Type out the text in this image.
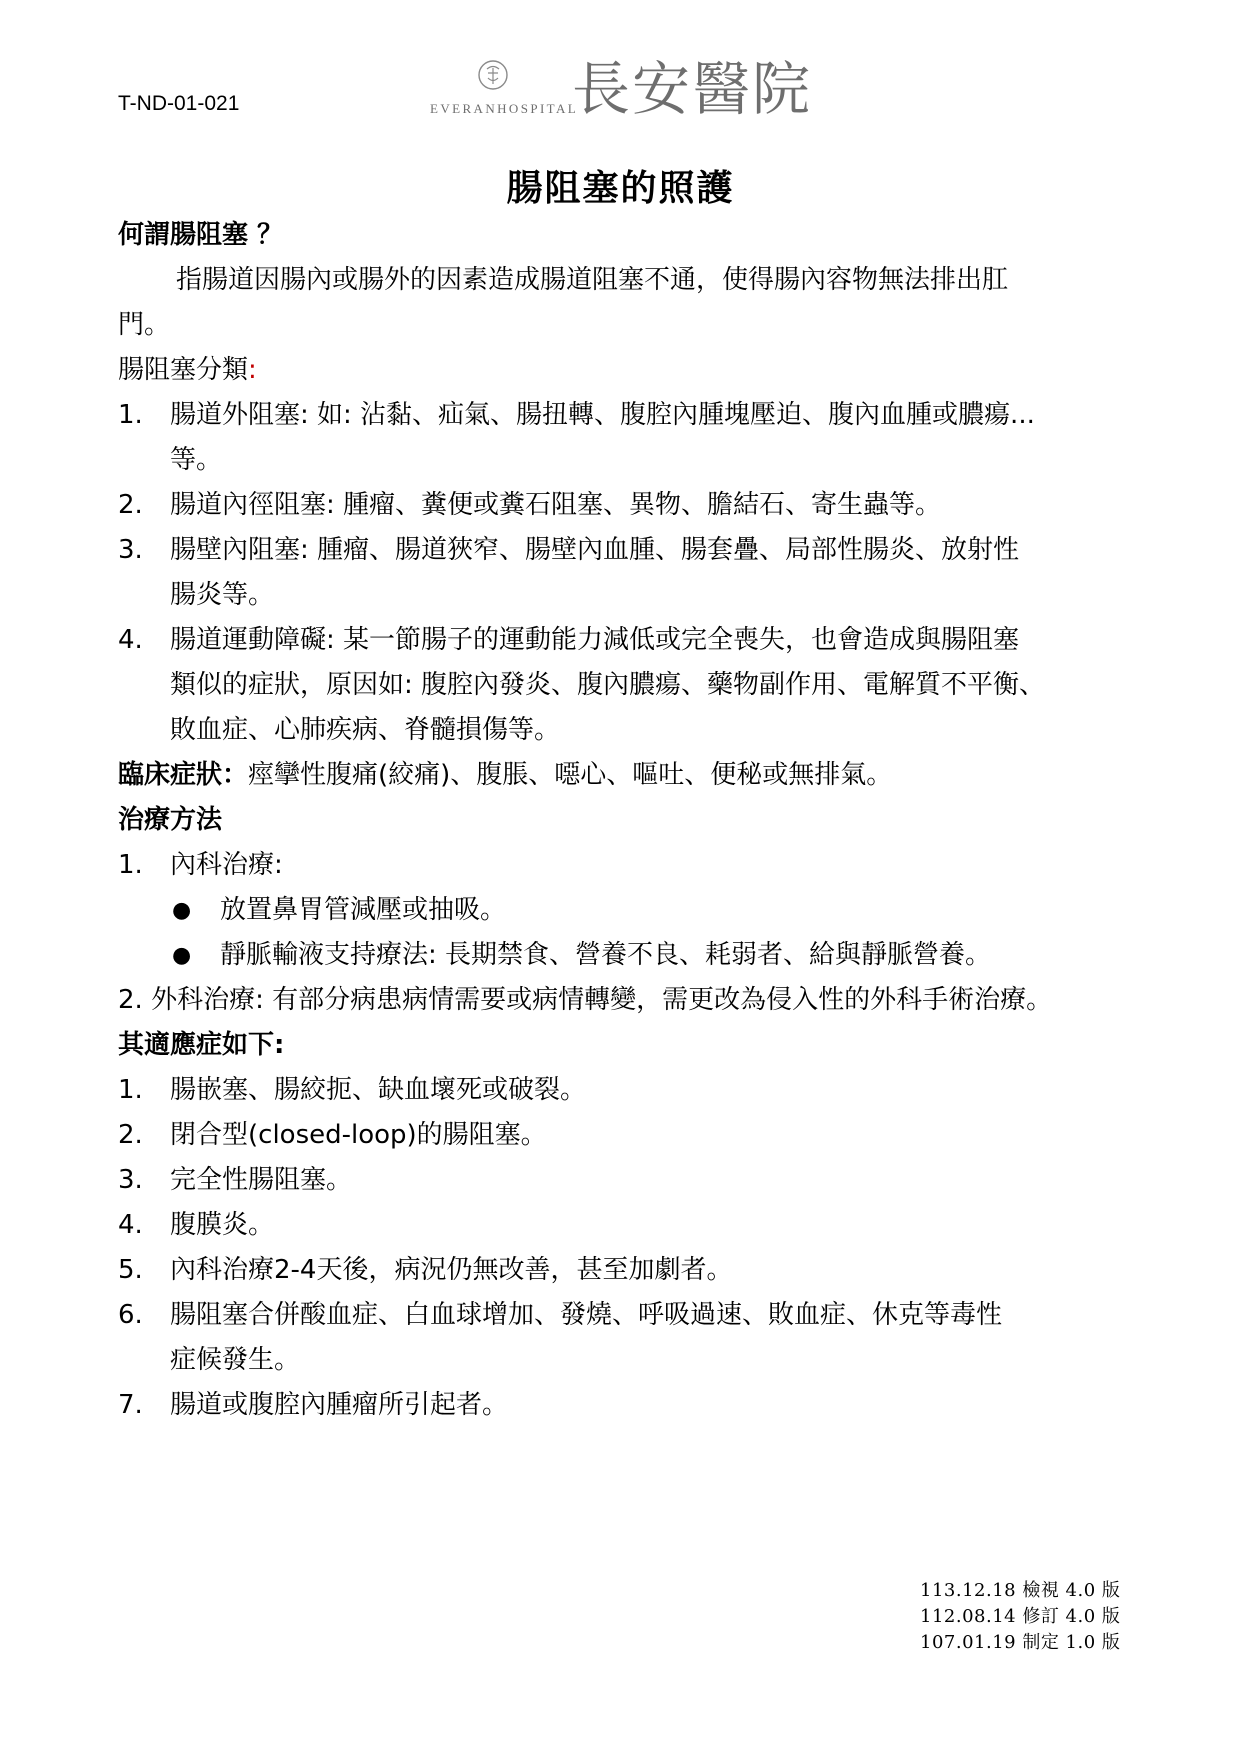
T-ND-01-021	EVERANHOSPITAL
長安醫院
腸阻塞的照護
何謂腸阻塞 ？
指腸道因腸內或腸外的因素造成腸道阻塞不通，使得腸內容物無法排出肛
門。
腸阻塞分類:
1. 腸道外阻塞: 如: 沾黏、疝氣、腸扭轉、腹腔內腫塊壓迫、腹內血腫或膿瘍...
等。
2. 腸道內徑阻塞: 腫瘤、糞便或糞石阻塞、異物、膽結石、寄生蟲等。
3. 腸壁內阻塞: 腫瘤、腸道狹窄、腸壁內血腫、腸套疊、局部性腸炎、放射性
腸炎等。
4. 腸道運動障礙: 某一節腸子的運動能力減低或完全喪失，也會造成與腸阻塞
類似的症狀，原因如: 腹腔內發炎、腹內膿瘍、藥物副作用、電解質不平衡、
敗血症、心肺疾病、脊髓損傷等。
臨床症狀：痙攣性腹痛(絞痛)、腹脹、噁心、嘔吐、便秘或無排氣。
治療方法
1. 內科治療:
● 放置鼻胃管減壓或抽吸。
● 靜脈輸液支持療法: 長期禁食、營養不良、耗弱者、給與靜脈營養。
2. 外科治療: 有部分病患病情需要或病情轉變，需更改為侵入性的外科手術治療。
其適應症如下:
1. 腸嵌塞、腸絞扼、缺血壞死或破裂。
2. 閉合型(closed-loop)的腸阻塞。
3. 完全性腸阻塞。
4. 腹膜炎。
5. 內科治療2-4天後，病況仍無改善，甚至加劇者。
6. 腸阻塞合併酸血症、白血球增加、發燒、呼吸過速、敗血症、休克等毒性
症候發生。
7. 腸道或腹腔內腫瘤所引起者。
113.12.18 檢視 4.0 版
112.08.14 修訂 4.0 版
107.01.19 制定 1.0 版
